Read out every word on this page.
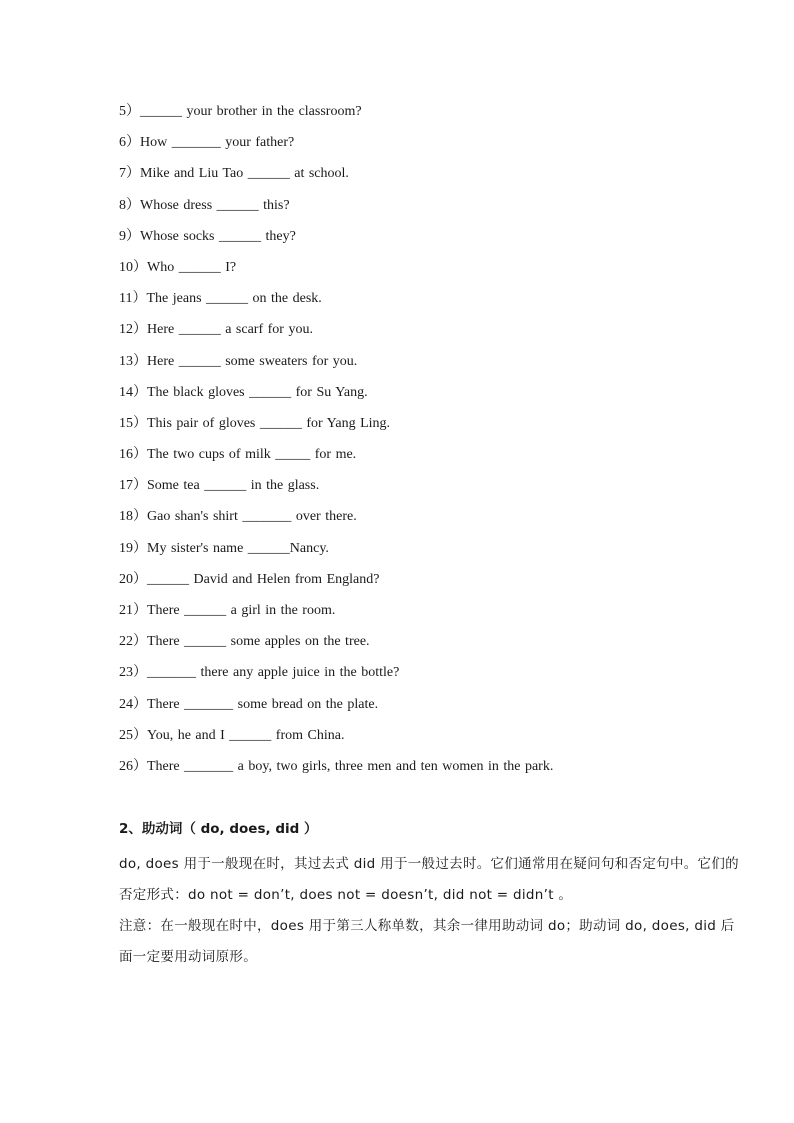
5）______ your brother in the classroom?
6）How _______ your father?
7）Mike and Liu Tao ______ at school.
8）Whose dress ______ this?
9）Whose socks ______ they?
10）Who ______ I?
11）The jeans ______ on the desk.
12）Here ______ a scarf for you.
13）Here ______ some sweaters for you.
14）The black gloves ______ for Su Yang.
15）This pair of gloves ______ for Yang Ling.
16）The two cups of milk _____ for me.
17）Some tea ______ in the glass.
18）Gao shan's shirt _______ over there.
19）My sister's name ______Nancy.
20）______ David and Helen from England?
21）There ______ a girl in the room.
22）There ______ some apples on the tree.
23）_______ there any apple juice in the bottle?
24）There _______ some bread on the plate.
25）You, he and I ______ from China.
26）There _______ a boy, two girls, three men and ten women in the park.
2、助动词（ do, does, did ）

do, does 用于一般现在时，其过去式 did 用于一般过去时。它们通常用在疑问句和否定句中。它们的否定形式：do not = don’t, does not = doesn’t, did not = didn’t 。

注意：在一般现在时中，does 用于第三人称单数，其余一律用助动词 do；助动词 do, does, did 后面一定要用动词原形。
